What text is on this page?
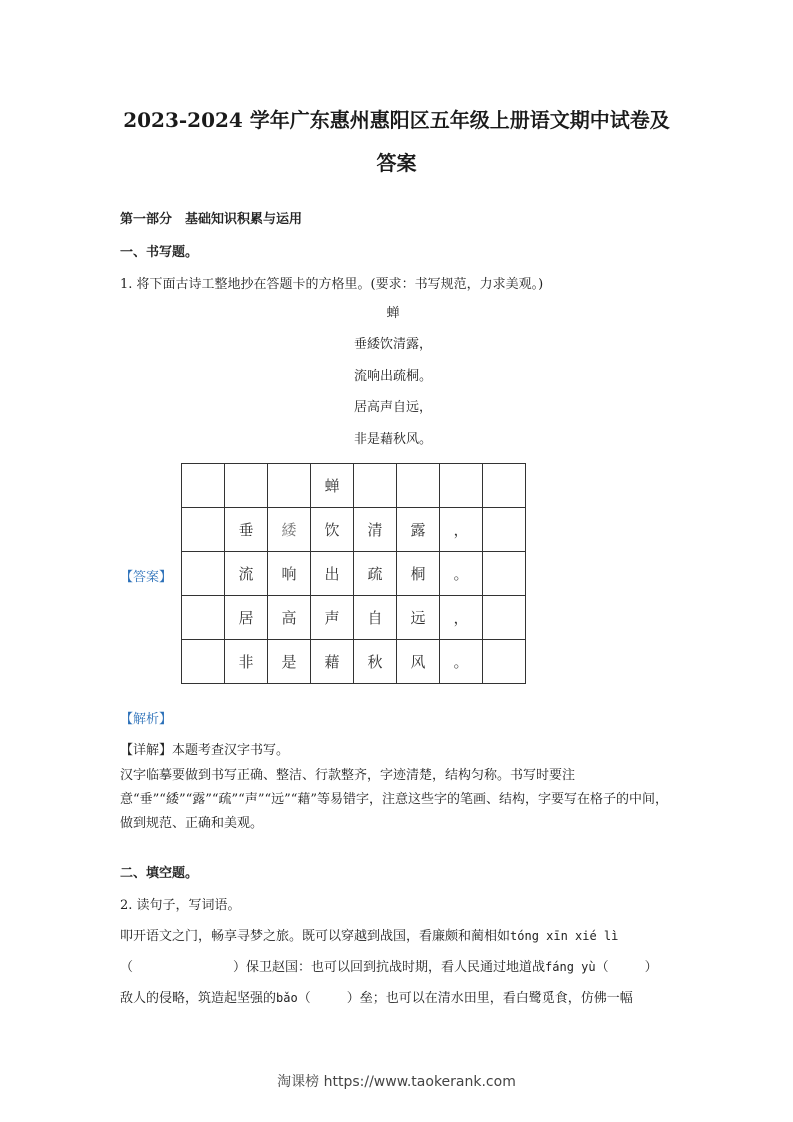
2023-2024 学年广东惠州惠阳区五年级上册语文期中试卷及
答案
第一部分　基础知识积累与运用
一、书写题。
1. 将下面古诗工整地抄在答题卡的方格里。(要求：书写规范，力求美观。)
蝉
垂緌饮清露，
流响出疏桐。
居高声自远，
非是藉秋风。
【答案】
			蝉				
	垂	緌	饮	清	露	，	
	流	响	出	疏	桐	。	
	居	高	声	自	远	，	
	非	是	藉	秋	风	。	
【解析】
【详解】本题考查汉字书写。
汉字临摹要做到书写正确、整洁、行款整齐，字迹清楚，结构匀称。书写时要注意“垂”“緌”“露”“疏”“声”“远”“藉”等易错字，注意这些字的笔画、结构，字要写在格子的中间，做到规范、正确和美观。
二、填空题。
2. 读句子，写词语。
叩开语文之门，畅享寻梦之旅。既可以穿越到战国，看廉颇和蔺相如tóng xīn xié lì
（	）保卫赵国：也可以回到抗战时期，看人民通过地道战fáng yù（	）
敌人的侵略，筑造起坚强的bǎo（	）垒；也可以在清水田里，看白鹭觅食，仿佛一幅
淘课榜 https://www.taokerank.com
